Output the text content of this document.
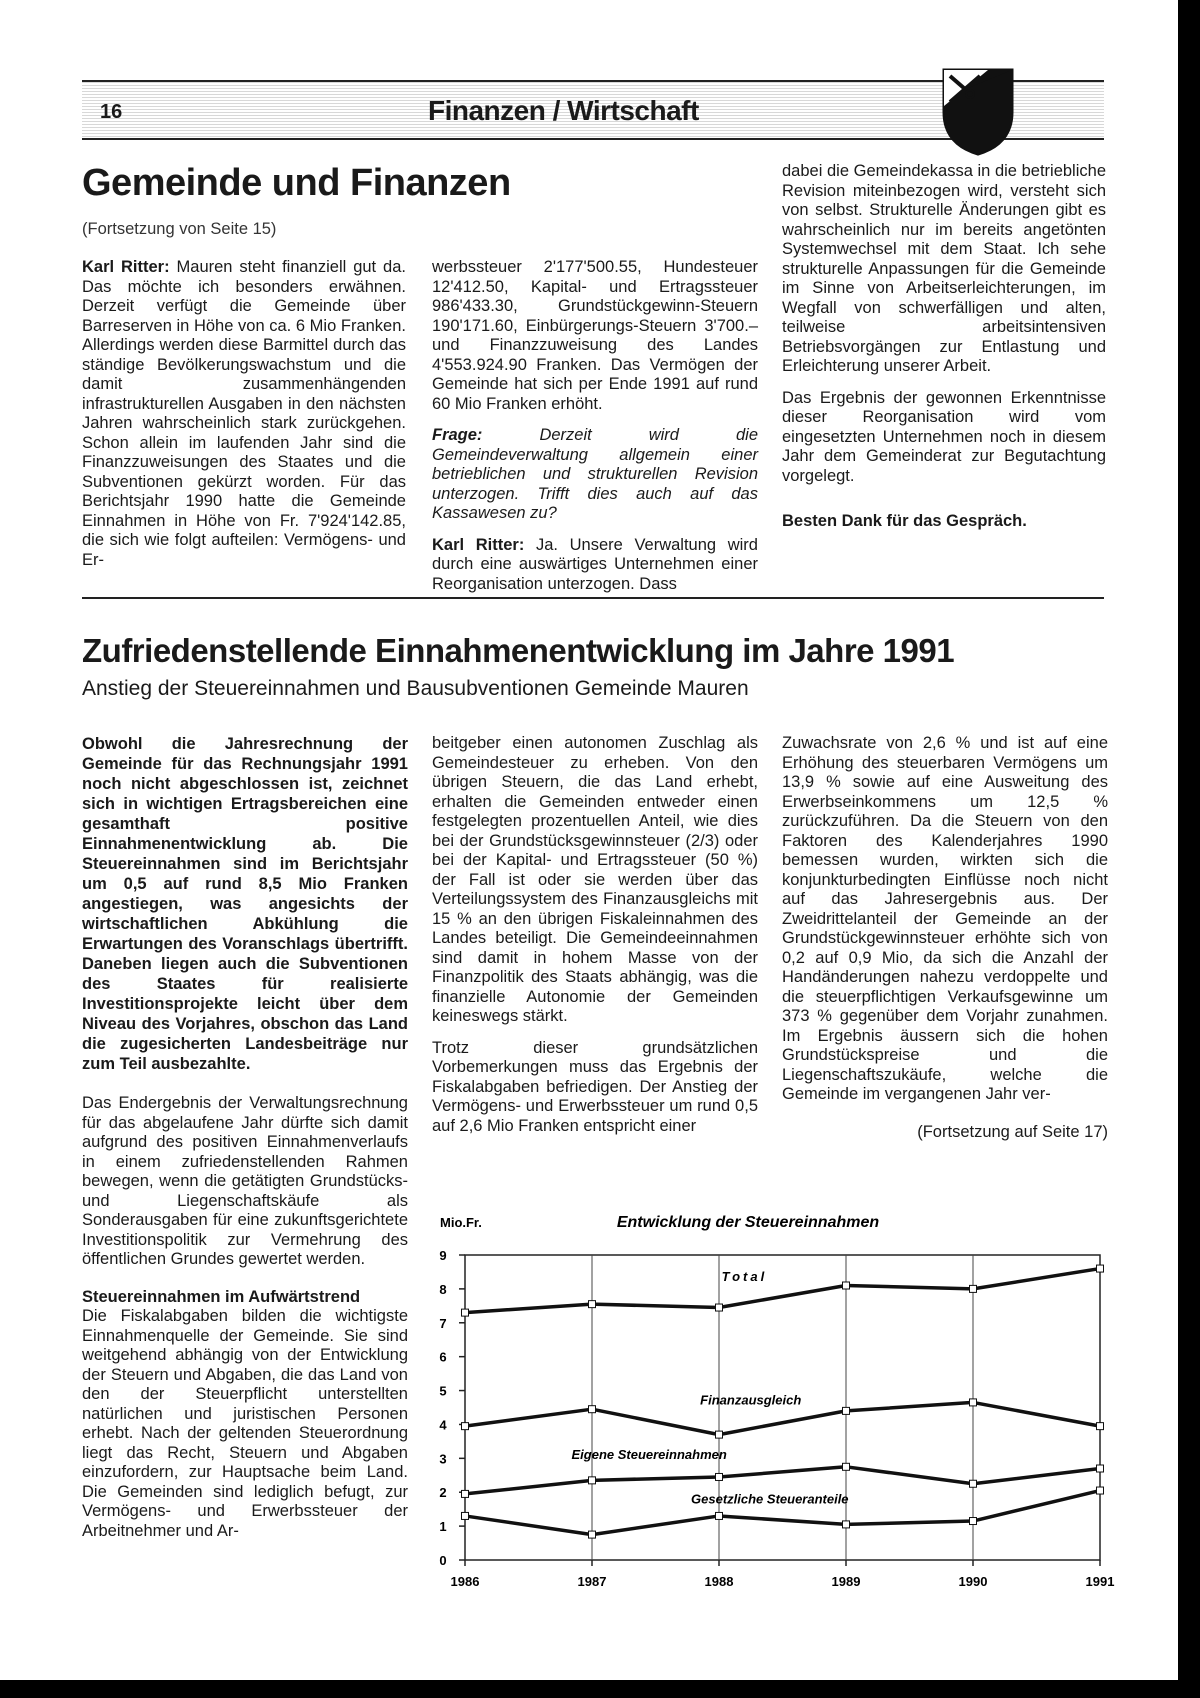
16	Finanzen / Wirtschaft
Gemeinde und Finanzen
(Fortsetzung von Seite 15)

Karl Ritter: Mauren steht finanziell gut da. Das möchte ich besonders erwähnen. Derzeit verfügt die Gemeinde über Barreserven in Höhe von ca. 6 Mio Franken. Allerdings werden diese Barmittel durch das ständige Bevölkerungswachstum und die damit zusammenhängenden infrastrukturellen Ausgaben in den nächsten Jahren wahrscheinlich stark zurückgehen. Schon allein im laufenden Jahr sind die Finanzzuweisungen des Staates und die Subventionen gekürzt worden. Für das Berichtsjahr 1990 hatte die Gemeinde Einnahmen in Höhe von Fr. 7'924'142.85, die sich wie folgt aufteilen: Vermögens- und Er-

werbssteuer 2'177'500.55, Hundesteuer 12'412.50, Kapital- und Ertragssteuer 986'433.30, Grundstückgewinn-Steuern 190'171.60, Einbürgerungs-Steuern 3'700.– und Finanzzuweisung des Landes 4'553.924.90 Franken. Das Vermögen der Gemeinde hat sich per Ende 1991 auf rund 60 Mio Franken erhöht.

Frage:	Derzeit wird die Gemeindeverwaltung allgemein einer betrieblichen und strukturellen Revision unterzogen. Trifft dies auch auf das Kassawesen zu?

Karl Ritter: Ja. Unsere Verwaltung wird durch eine auswärtiges Unternehmen einer Reorganisation unterzogen. Dass

dabei die Gemeindekassa in die betriebliche Revision miteinbezogen wird, versteht sich von selbst. Strukturelle Änderungen gibt es wahrscheinlich nur im bereits angetönten Systemwechsel mit dem Staat. Ich sehe strukturelle Anpassungen für die Gemeinde im Sinne von Arbeitserleichterungen, im Wegfall von schwerfälligen und alten, teilweise arbeitsintensiven Betriebsvorgängen zur Entlastung und Erleichterung unserer Arbeit.

Das Ergebnis der gewonnen Erkenntnisse dieser Reorganisation wird vom eingesetzten Unternehmen noch in diesem Jahr dem Gemeinderat zur Begutachtung vorgelegt.

Besten Dank für das Gespräch.

Zufriedenstellende Einnahmenentwicklung im Jahre 1991
Anstieg der Steuereinnahmen und Bausubventionen Gemeinde Mauren

Obwohl die Jahresrechnung der Gemeinde für das Rechnungsjahr 1991 noch nicht abgeschlossen ist, zeichnet sich in wichtigen Ertragsbereichen eine gesamthaft positive Einnahmenentwicklung ab. Die Steuereinnahmen sind im Berichtsjahr um 0,5 auf rund 8,5 Mio Franken angestiegen, was angesichts der wirtschaftlichen Abkühlung die Erwartungen des Voranschlags übertrifft. Daneben liegen auch die Subventionen des Staates für realisierte Investitionsprojekte leicht über dem Niveau des Vorjahres, obschon das Land die zugesicherten Landesbeiträge nur zum Teil ausbezahlte.

Das Endergebnis der Verwaltungsrechnung für das abgelaufene Jahr dürfte sich damit aufgrund des positiven Einnahmenverlaufs in einem zufriedenstellenden Rahmen bewegen, wenn die getätigten Grundstücks- und Liegenschaftskäufe als Sonderausgaben für eine zukunftsgerichtete Investitionspolitik zur Vermehrung des öffentlichen Grundes gewertet werden.

Steuereinnahmen im Aufwärtstrend

Die Fiskalabgaben bilden die wichtigste Einnahmenquelle der Gemeinde. Sie sind weitgehend abhängig von der Entwicklung der Steuern und Abgaben, die das Land von den der Steuerpflicht unterstellten natürlichen und juristischen Personen erhebt. Nach der geltenden Steuerordnung liegt das Recht, Steuern und Abgaben einzufordern, zur Hauptsache beim Land. Die Gemeinden sind lediglich befugt, zur Vermögens- und Erwerbssteuer der Arbeitnehmer und Ar-

beitgeber einen autonomen Zuschlag als Gemeindesteuer zu erheben. Von den übrigen Steuern, die das Land erhebt, erhalten die Gemeinden entweder einen festgelegten prozentuellen Anteil, wie dies bei der Grundstücksgewinnsteuer (2/3) oder bei der Kapital- und Ertragssteuer (50 %) der Fall ist oder sie werden über das Verteilungssystem des Finanzausgleichs mit 15 % an den übrigen Fiskaleinnahmen des Landes beteiligt. Die Gemeindeeinnahmen sind damit in hohem Masse von der Finanzpolitik des Staats abhängig, was die finanzielle Autonomie der Gemeinden keineswegs stärkt.

Trotz dieser grundsätzlichen Vorbemerkungen muss das Ergebnis der Fiskalabgaben befriedigen. Der Anstieg der Vermögens- und Erwerbssteuer um rund 0,5 auf 2,6 Mio Franken entspricht einer

Zuwachsrate von 2,6 % und ist auf eine Erhöhung des steuerbaren Vermögens um 13,9 % sowie auf eine Ausweitung des Erwerbseinkommens um 12,5 % zurückzuführen. Da die Steuern von den Faktoren des Kalenderjahres 1990 bemessen wurden, wirkten sich die konjunkturbedingten Einflüsse noch nicht auf das Jahresergebnis aus. Der Zweidrittelanteil der Gemeinde an der Grundstückgewinnsteuer erhöhte sich von 0,2 auf 0,9 Mio, da sich die Anzahl der Handänderungen nahezu verdoppelte und die steuerpflichtigen Verkaufsgewinne um 373 % gegenüber dem Vorjahr zunahmen. Im Ergebnis äussern sich die hohen Grundstückspreise und die Liegenschaftszukäufe, welche die Gemeinde im vergangenen Jahr ver-

(Fortsetzung auf Seite 17)

Entwicklung der Steuereinnahmen
Mio.Fr.
1986	1987	1988	1989	1990	1991
0
1
2
3
4
5
6
7
8
9
Total
Finanzausgleich
Eigene Steuereinnahmen
Gesetzliche Steueranteile
